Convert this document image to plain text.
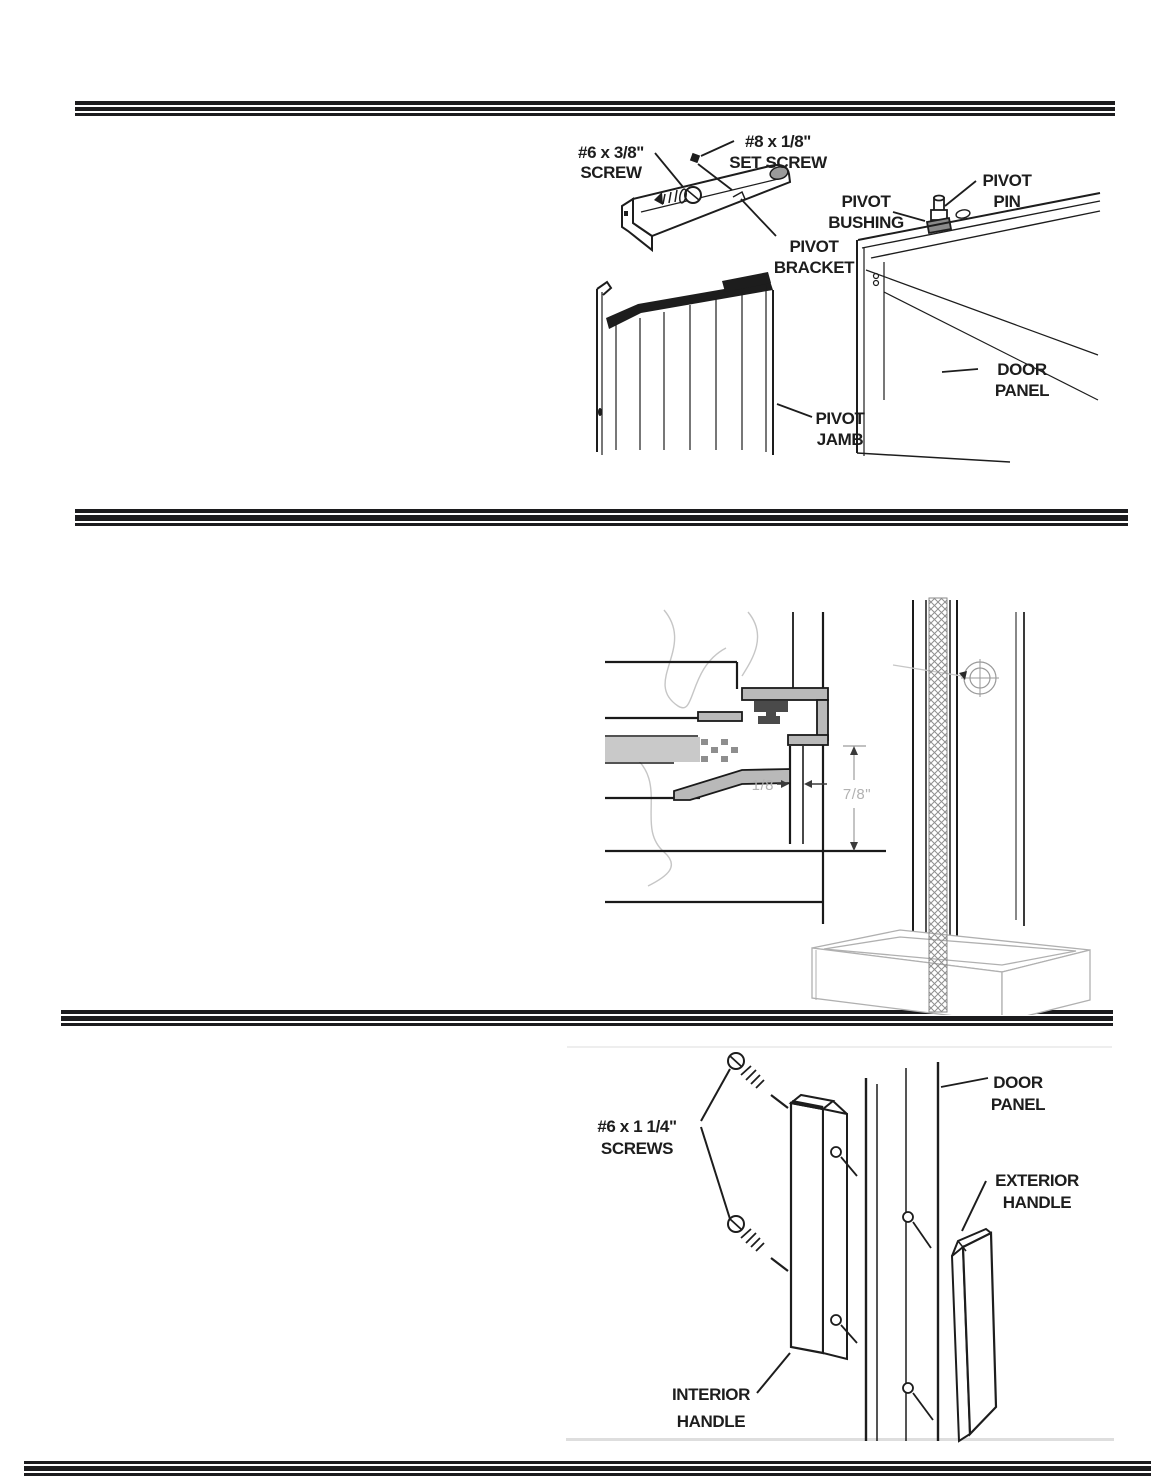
#6 x 3/8"
SCREW
#8 x 1/8"
SET SCREW
PIVOT
BUSHING
PIVOT
PIN
PIVOT
BRACKET
DOOR
PANEL
PIVOT
JAMB
1/8
7/8"
#6 x 1 1/4"
SCREWS
DOOR
PANEL
EXTERIOR
HANDLE
INTERIOR
HANDLE
